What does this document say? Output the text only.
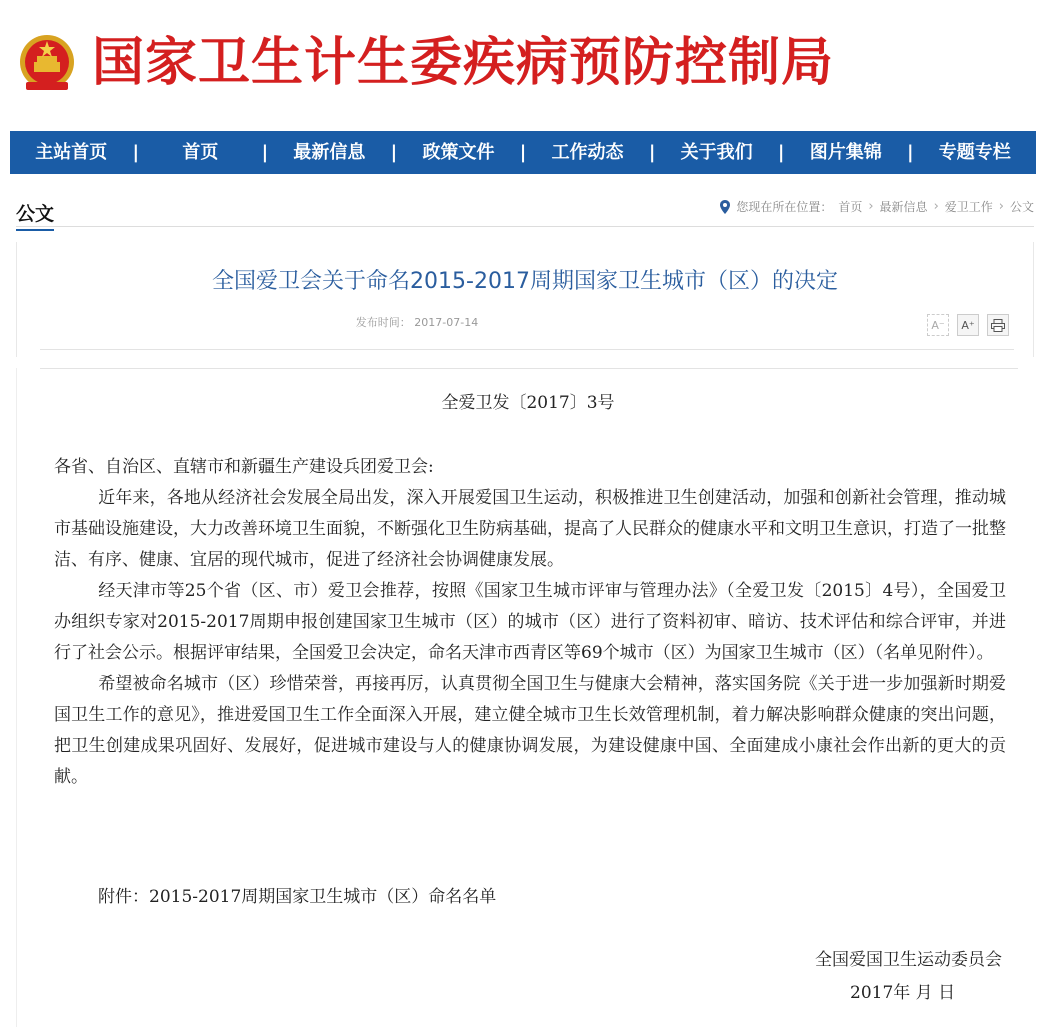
国家卫生计生委疾病预防控制局
主站首页	|	首页	|	最新信息	|	政策文件	|	工作动态	|	关于我们	|	图片集锦	|	专题专栏
公文	您现在所在位置： 首页 › 最新信息 › 爱卫工作 › 公文
全国爱卫会关于命名2015-2017周期国家卫生城市（区）的决定
发布时间： 2017-07-14	A⁻	A⁺
全爱卫发〔2017〕3号

各省、自治区、直辖市和新疆生产建设兵团爱卫会:

近年来，各地从经济社会发展全局出发，深入开展爱国卫生运动，积极推进卫生创建活动，加强和创新社会管理，推动城市基础设施建设，大力改善环境卫生面貌，不断强化卫生防病基础，提高了人民群众的健康水平和文明卫生意识，打造了一批整洁、有序、健康、宜居的现代城市，促进了经济社会协调健康发展。

经天津市等25个省（区、市）爱卫会推荐，按照《国家卫生城市评审与管理办法》（全爱卫发〔2015〕4号），全国爱卫办组织专家对2015-2017周期申报创建国家卫生城市（区）的城市（区）进行了资料初审、暗访、技术评估和综合评审，并进行了社会公示。根据评审结果，全国爱卫会决定，命名天津市西青区等69个城市（区）为国家卫生城市（区）（名单见附件）。

希望被命名城市（区）珍惜荣誉，再接再厉，认真贯彻全国卫生与健康大会精神，落实国务院《关于进一步加强新时期爱国卫生工作的意见》，推进爱国卫生工作全面深入开展，建立健全城市卫生长效管理机制，着力解决影响群众健康的突出问题，把卫生创建成果巩固好、发展好，促进城市建设与人的健康协调发展，为建设健康中国、全面建成小康社会作出新的更大的贡献。

附件：2015-2017周期国家卫生城市（区）命名名单
全国爱国卫生运动委员会
2017年 月 日
